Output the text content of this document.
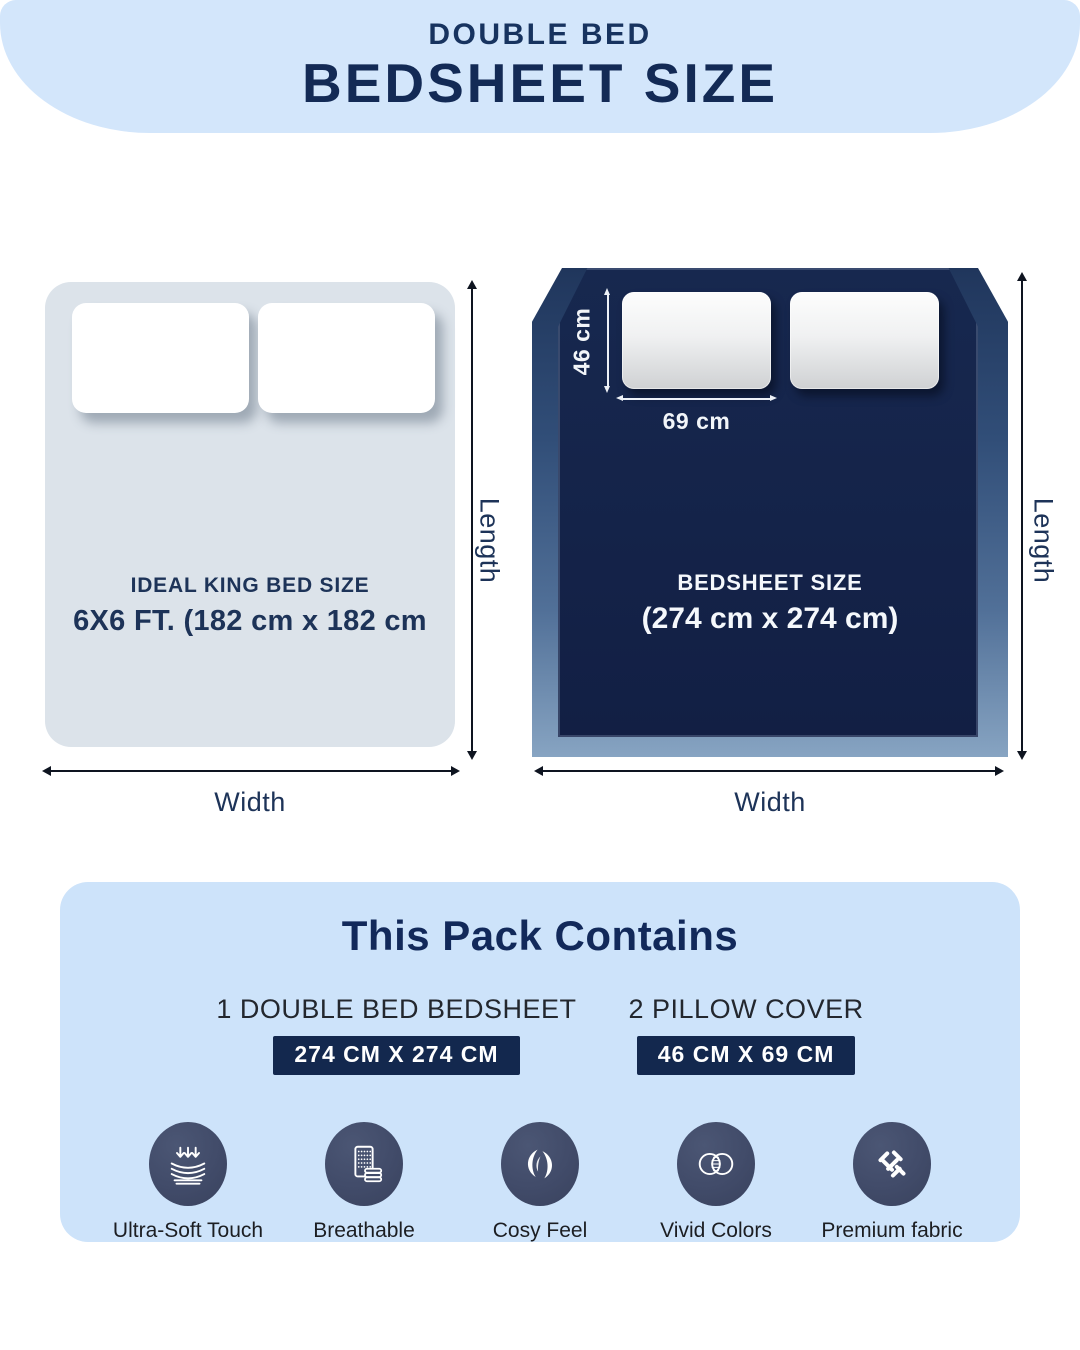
DOUBLE BED
BEDSHEET SIZE
IDEAL KING BED SIZE
6X6 FT. (182 cm x 182 cm
46 cm
69 cm
BEDSHEET SIZE
(274 cm x 274 cm)
Length	Length
Width	Width
This Pack Contains
1 DOUBLE BED BEDSHEET
274 CM X 274 CM
2 PILLOW COVER
46 CM X 69 CM
Ultra-Soft Touch	Breathable	Cosy Feel	Vivid Colors	Premium fabric
